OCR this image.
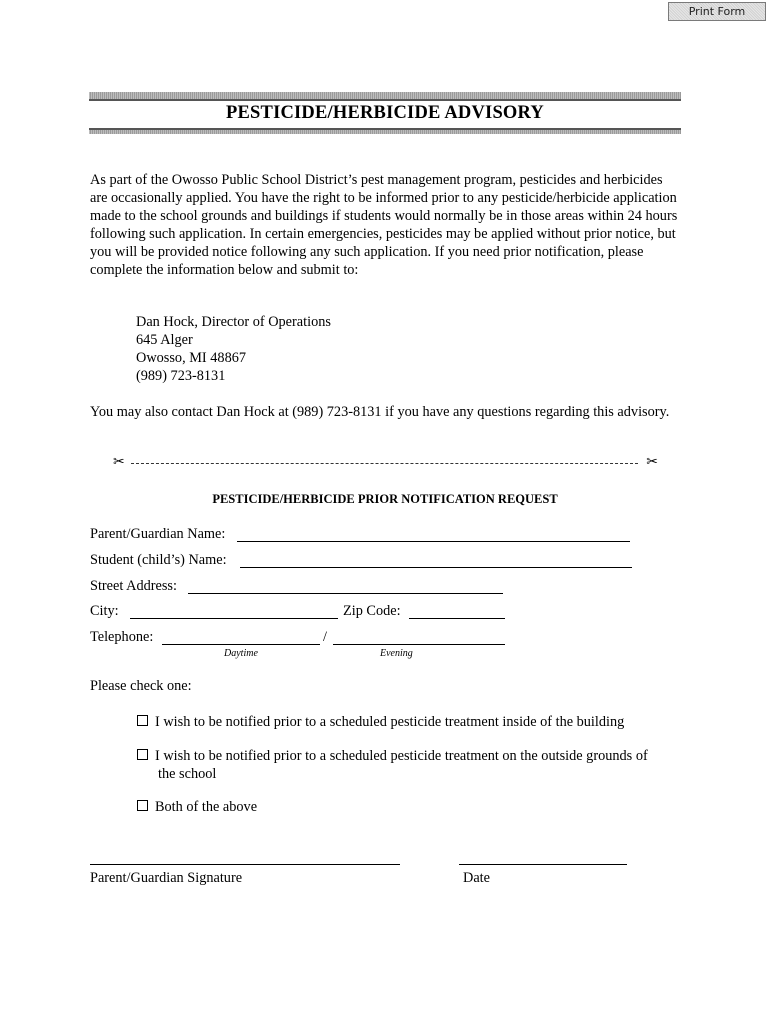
Print Form
PESTICIDE/HERBICIDE ADVISORY
As part of the Owosso Public School District’s pest management program, pesticides and herbicides are occasionally applied. You have the right to be informed prior to any pesticide/herbicide application made to the school grounds and buildings if students would normally be in those areas within 24 hours following such application. In certain emergencies, pesticides may be applied without prior notice, but you will be provided notice following any such application. If you need prior notification, please complete the information below and submit to:
Dan Hock, Director of Operations
645 Alger
Owosso, MI 48867
(989) 723-8131
You may also contact Dan Hock at (989) 723-8131 if you have any questions regarding this advisory.
✂	✂
PESTICIDE/HERBICIDE PRIOR NOTIFICATION REQUEST
Parent/Guardian Name:
Student (child’s) Name:
Street Address:
City:	Zip Code:
Telephone:	/
Daytime	Evening
Please check one:
I wish to be notified prior to a scheduled pesticide treatment inside of the building
I wish to be notified prior to a scheduled pesticide treatment on the outside grounds of
the school
Both of the above
Parent/Guardian Signature	Date
